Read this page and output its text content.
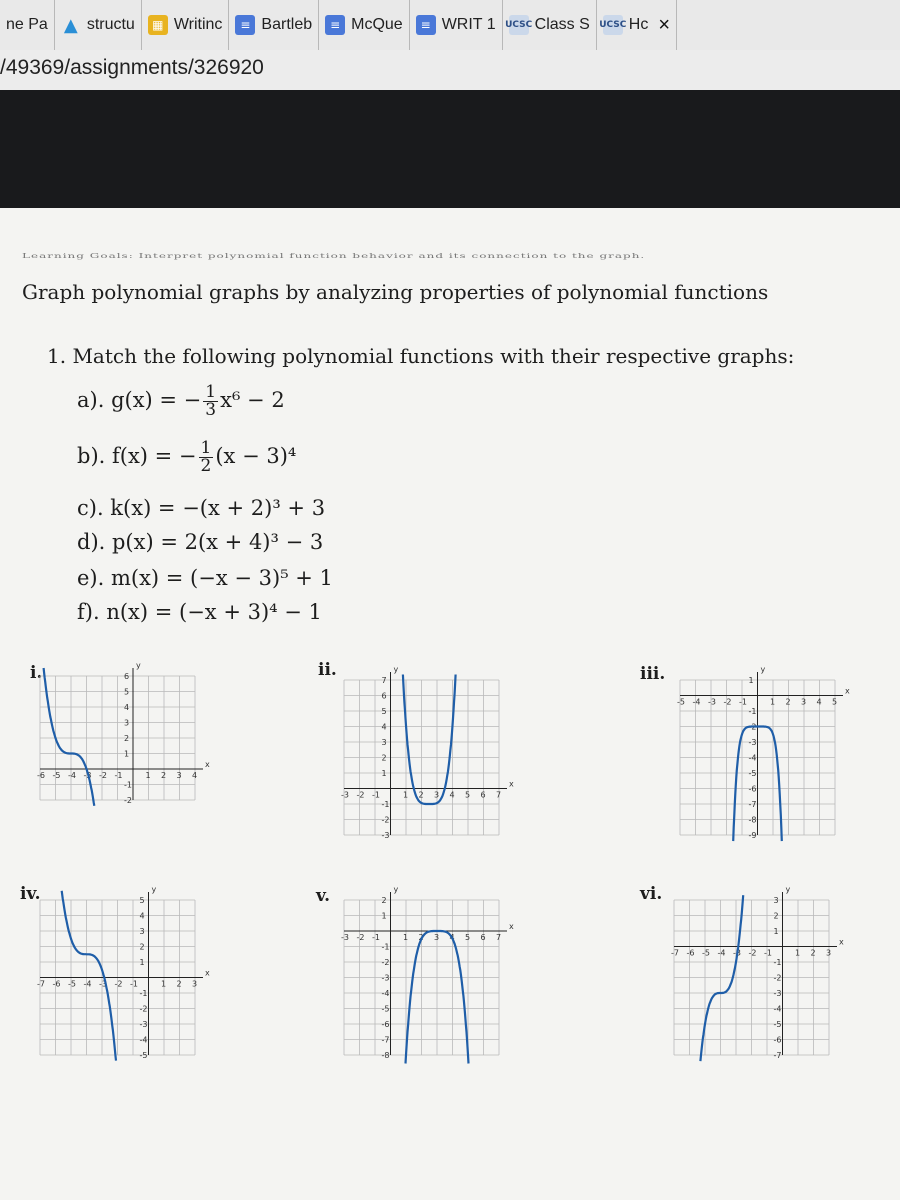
ne Pa ▲ structu	▦ Writinc	≡ Bartleb	≡ McQue	≡ WRIT 1 UCSC Class S UCSC Hc ×
/49369/assignments/326920
Learning Goals: Interpret polynomial function behavior and its connection to the graph.
Graph polynomial graphs by analyzing properties of polynomial functions
1. Match the following polynomial functions with their respective graphs:
a). g(x) = − $\frac{1}{3} x^6 - 2$
b). f(x) = − $\frac{1}{2} (x - 3)^4$
c). k(x) = −(x + 2)³ + 3
d). p(x) = 2(x + 4)³ − 3
e). m(x) = (−x − 3)⁵ + 1
f). n(x) = (−x + 3)⁴ − 1
i.	ii.	iii.
iv.	v.	vi.
x
y
-6 -5 -4 -3 -2 -1	1 2 3 4
-2
-1
1
2
3
4
5
6
x
y
-3 -2 -1	1 2 3 4 5 6 7
-3
-2
-1
1
2
3
4
5
6
7
x
y
-5 -4 -3 -2 -1	1 2 3 4 5
-9
-8
-7
-6
-5
-4
-3
-2
-1
1
x
y
-7 -6 -5 -4 -3 -2 -1	1 2 3
-5
-4
-3
-2
-1
1
2
3
4
5
x
y
-3 -2 -1	1 2 3 4 5 6 7
-8
-7
-6
-5
-4
-3
-2
-1
1
2
x
y
-7 -6 -5 -4 -3 -2 -1	1 2 3
-7
-6
-5
-4
-3
-2
-1
1
2
3
